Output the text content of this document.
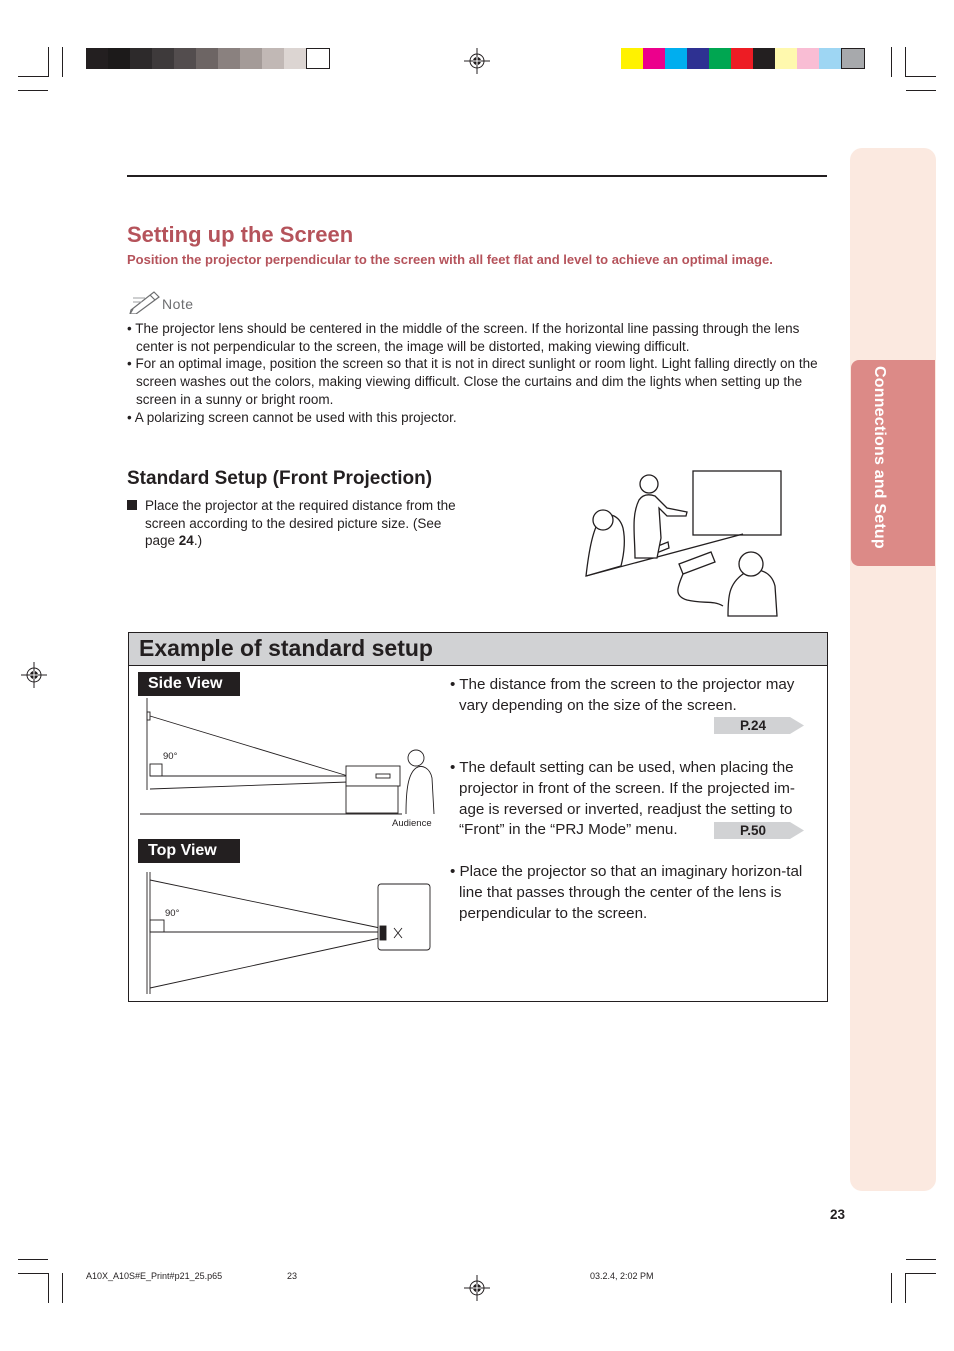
Connections and Setup
Setting up the Screen
Position the projector perpendicular to the screen with all feet flat and level to achieve an optimal image.
Note
• The projector lens should be centered in the middle of the screen. If the horizontal line passing through the lens center is not perpendicular to the screen, the image will be distorted, making viewing difficult.
• For an optimal image, position the screen so that it is not in direct sunlight or room light. Light falling directly on the screen washes out the colors, making viewing difficult. Close the curtains and dim the lights when setting up the screen in a sunny or bright room.
• A polarizing screen cannot be used with this projector.
Standard Setup (Front Projection)
Place the projector at the required distance from the screen according to the desired picture size. (See page 24.)
Example of standard setup
Side View
Top View
90°
Audience
90°
• The distance from the screen to the projector may vary depending on the size of the screen.
P.24
• The default setting can be used, when placing the projector in front of the screen. If the projected im-age is reversed or inverted, readjust the setting to “Front” in the “PRJ Mode” menu.	P.50
• Place the projector so that an imaginary horizon-tal line that passes through the center of the lens is perpendicular to the screen.
23
A10X_A10S#E_Print#p21_25.p65	23	03.2.4, 2:02 PM
